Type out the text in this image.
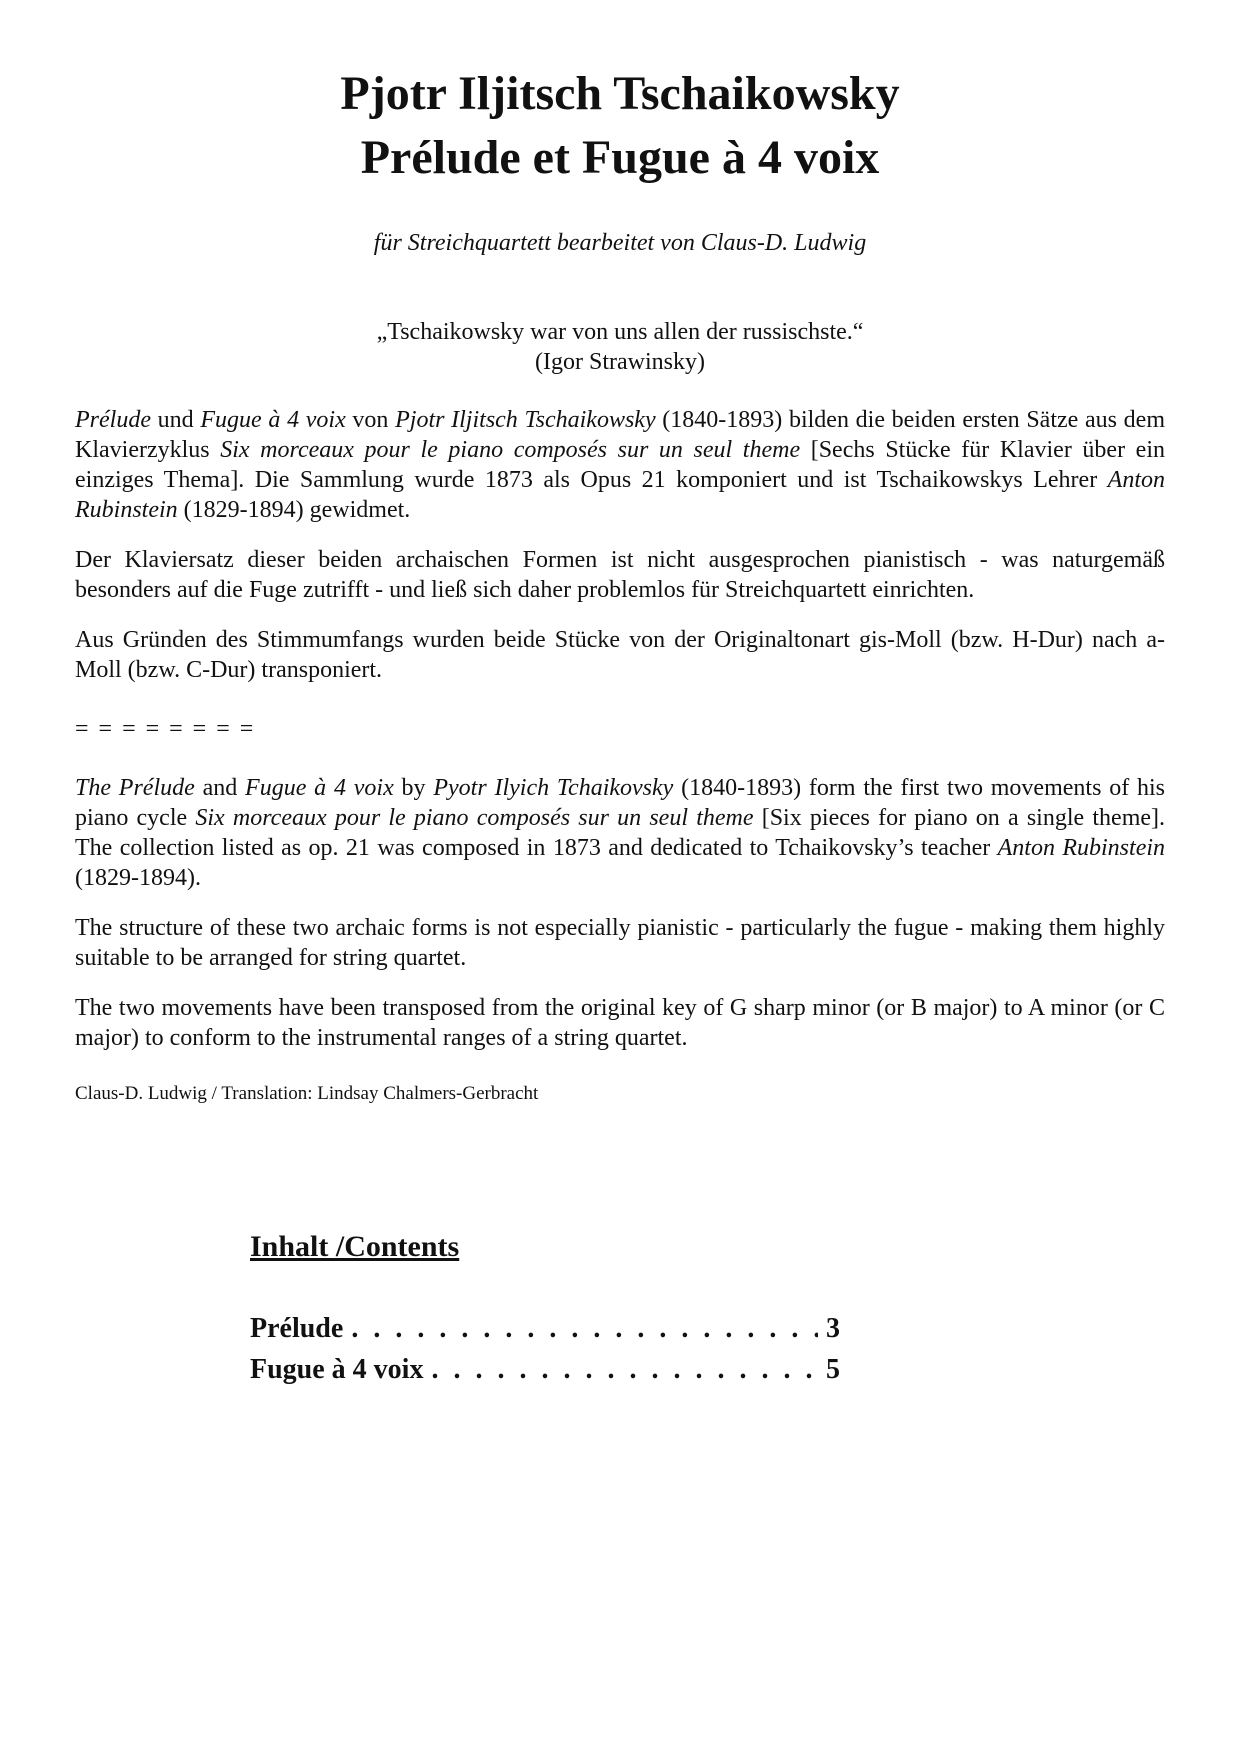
Pjotr Iljitsch Tschaikowsky
Prélude et Fugue à 4 voix

für Streichquartett bearbeitet von Claus-D. Ludwig

„Tschaikowsky war von uns allen der russischste.“

(Igor Strawinsky)

Prélude und Fugue à 4 voix von Pjotr Iljitsch Tschaikowsky (1840-1893) bilden die beiden ersten Sätze aus dem Klavierzyklus Six morceaux pour le piano composés sur un seul theme [Sechs Stücke für Klavier über ein einziges Thema]. Die Sammlung wurde 1873 als Opus 21 komponiert und ist Tschaikowskys Lehrer Anton Rubinstein (1829-1894) gewidmet.

Der Klaviersatz dieser beiden archaischen Formen ist nicht ausgesprochen pianistisch - was naturgemäß besonders auf die Fuge zutrifft - und ließ sich daher problemlos für Streichquartett einrichten.

Aus Gründen des Stimmumfangs wurden beide Stücke von der Originaltonart gis-Moll (bzw. H-Dur) nach a-Moll (bzw. C-Dur) transponiert.

= = = = = = = =

The Prélude and Fugue à 4 voix by Pyotr Ilyich Tchaikovsky (1840-1893) form the first two movements of his piano cycle Six morceaux pour le piano composés sur un seul theme [Six pieces for piano on a single theme]. The collection listed as op. 21 was composed in 1873 and dedicated to Tchaikovsky’s teacher Anton Rubinstein (1829-1894).

The structure of these two archaic forms is not especially pianistic - particularly the fugue - making them highly suitable to be arranged for string quartet.

The two movements have been transposed from the original key of G sharp minor (or B major) to A minor (or C major) to conform to the instrumental ranges of a string quartet.

Claus-D. Ludwig / Translation: Lindsay Chalmers-Gerbracht

Inhalt /Contents
Prélude . . .	3
Fugue à 4 voix . . .	5
